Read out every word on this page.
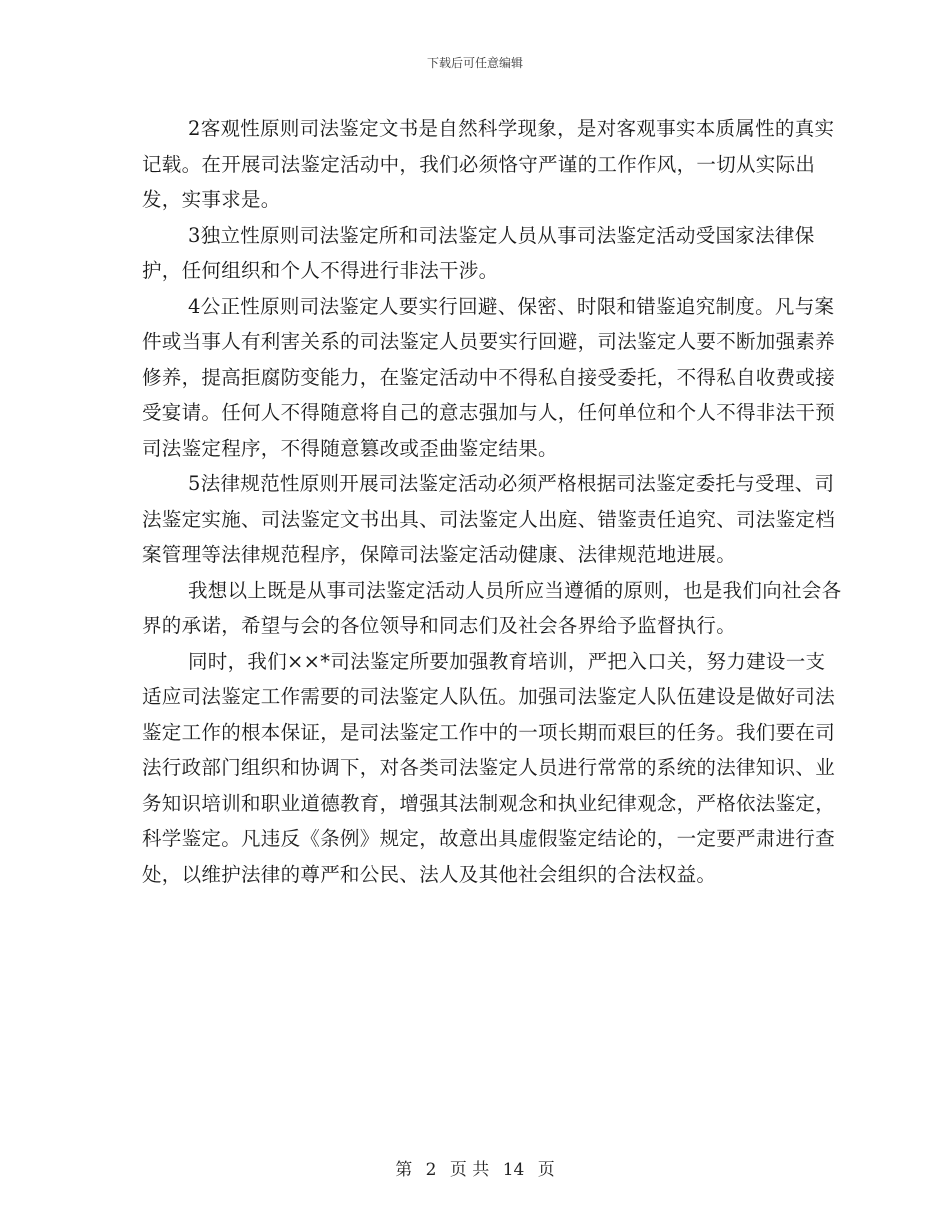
下载后可任意编辑

2客观性原则司法鉴定文书是自然科学现象，是对客观事实本质属性的真实记载。在开展司法鉴定活动中，我们必须恪守严谨的工作作风，一切从实际出发，实事求是。

3独立性原则司法鉴定所和司法鉴定人员从事司法鉴定活动受国家法律保护，任何组织和个人不得进行非法干涉。

4公正性原则司法鉴定人要实行回避、保密、时限和错鉴追究制度。凡与案件或当事人有利害关系的司法鉴定人员要实行回避，司法鉴定人要不断加强素养修养，提高拒腐防变能力，在鉴定活动中不得私自接受委托，不得私自收费或接受宴请。任何人不得随意将自己的意志强加与人，任何单位和个人不得非法干预司法鉴定程序，不得随意篡改或歪曲鉴定结果。

5法律规范性原则开展司法鉴定活动必须严格根据司法鉴定委托与受理、司法鉴定实施、司法鉴定文书出具、司法鉴定人出庭、错鉴责任追究、司法鉴定档案管理等法律规范程序，保障司法鉴定活动健康、法律规范地进展。

我想以上既是从事司法鉴定活动人员所应当遵循的原则，也是我们向社会各界的承诺，希望与会的各位领导和同志们及社会各界给予监督执行。

同时，我们××*司法鉴定所要加强教育培训，严把入口关，努力建设一支适应司法鉴定工作需要的司法鉴定人队伍。加强司法鉴定人队伍建设是做好司法鉴定工作的根本保证，是司法鉴定工作中的一项长期而艰巨的任务。我们要在司法行政部门组织和协调下，对各类司法鉴定人员进行常常的系统的法律知识、业务知识培训和职业道德教育，增强其法制观念和执业纪律观念，严格依法鉴定，科学鉴定。凡违反《条例》规定，故意出具虚假鉴定结论的，一定要严肃进行查处，以维护法律的尊严和公民、法人及其他社会组织的合法权益。

第 2 页 共 14 页
